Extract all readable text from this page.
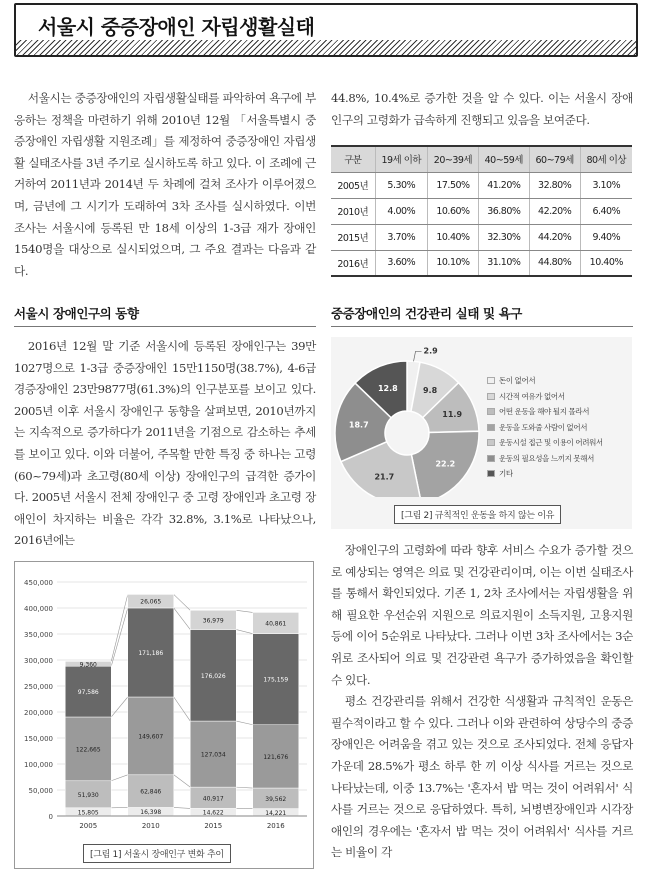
서울시 중증장애인 자립생활실태

서울시는 중증장애인의 자립생활실태를 파악하여 욕구에 부응하는 정책을 마련하기 위해 2010년 12월 「서울특별시 중증장애인 자립생활 지원조례」를 제정하여 중증장애인 자립생활 실태조사를 3년 주기로 실시하도록 하고 있다. 이 조례에 근거하여 2011년과 2014년 두 차례에 걸쳐 조사가 이루어졌으며, 금년에 그 시기가 도래하여 3차 조사를 실시하였다. 이번 조사는 서울시에 등록된 만 18세 이상의 1-3급 재가 장애인 1540명을 대상으로 실시되었으며, 그 주요 결과는 다음과 같다.

서울시 장애인구의 동향

2016년 12월 말 기준 서울시에 등록된 장애인구는 39만1027명으로 1-3급 중증장애인 15만1150명(38.7%), 4-6급 경증장애인 23만9877명(61.3%)의 인구분포를 보이고 있다. 2005년 이후 서울시 장애인구 동향을 살펴보면, 2010년까지는 지속적으로 증가하다가 2011년을 기점으로 감소하는 추세를 보이고 있다. 이와 더불어, 주목할 만한 특징 중 하나는 고령(60~79세)과 초고령(80세 이상) 장애인구의 급격한 증가이다. 2005년 서울시 전체 장애인구 중 고령 장애인과 초고령 장애인이 차지하는 비율은 각각 32.8%, 3.1%로 나타났으나, 2016년에는

0
50,000
100,000
150,000
200,000
250,000
300,000
350,000
400,000
450,000
15,805
51,930
122,665
97,586
9,360
2005
16,398
62,846
149,607
171,186
26,065
2010
14,622
40,917
127,034
176,026
36,979
2015
14,221
39,562
121,676
175,159
40,861
2016
[그림 1] 서울시 장애인구 변화 추이
44.8%, 10.4%로 증가한 것을 알 수 있다. 이는 서울시 장애인구의 고령화가 급속하게 진행되고 있음을 보여준다.
구분	19세 이하	20~39세	40~59세	60~79세	80세 이상
2005년	5.30%	17.50%	41.20%	32.80%	3.10%
2010년	4.00%	10.60%	36.80%	42.20%	6.40%
2015년	3.70%	10.40%	32.30%	44.20%	9.40%
2016년	3.60%	10.10%	31.10%	44.80%	10.40%
중증장애인의 건강관리 실태 및 욕구
2.9
9.8
11.9
22.2
21.7
18.7
12.8
돈이 없어서
시간적 여유가 없어서
어떤 운동을 해야 될지 몰라서
운동을 도와줄 사람이 없어서
운동시설 접근 및 이용이 어려워서
운동의 필요성을 느끼지 못해서
기타
[그림 2] 규칙적인 운동을 하지 않는 이유

장애인구의 고령화에 따라 향후 서비스 수요가 증가할 것으로 예상되는 영역은 의료 및 건강관리이며, 이는 이번 실태조사를 통해서 확인되었다. 기존 1, 2차 조사에서는 자립생활을 위해 필요한 우선순위 지원으로 의료지원이 소득지원, 고용지원 등에 이어 5순위로 나타났다. 그러나 이번 3차 조사에서는 3순위로 조사되어 의료 및 건강관련 욕구가 증가하였음을 확인할 수 있다.

평소 건강관리를 위해서 건강한 식생활과 규칙적인 운동은 필수적이라고 할 수 있다. 그러나 이와 관련하여 상당수의 중증장애인은 어려움을 겪고 있는 것으로 조사되었다. 전체 응답자 가운데 28.5%가 평소 하루 한 끼 이상 식사를 거르는 것으로 나타났는데, 이중 13.7%는 '혼자서 밥 먹는 것이 어려워서' 식사를 거르는 것으로 응답하였다. 특히, 뇌병변장애인과 시각장애인의 경우에는 '혼자서 밥 먹는 것이 어려워서' 식사를 거르는 비율이 각
